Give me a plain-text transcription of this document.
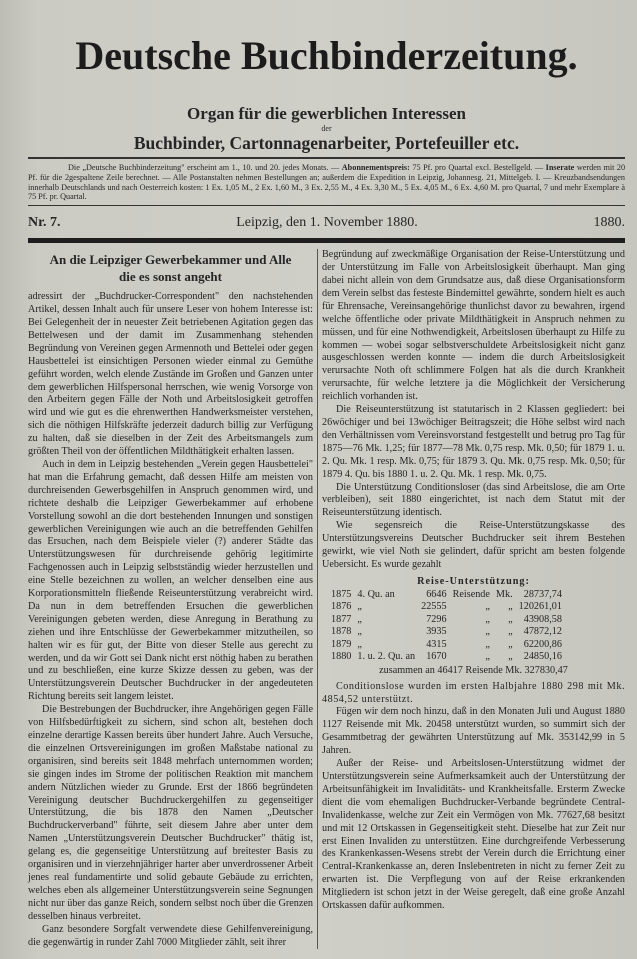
Deutsche Buchbinderzeitung.
Organ für die gewerblichen Interessen
der
Buchbinder, Cartonnagenarbeiter, Portefeuiller etc.
Die „Deutsche Buchbinderzeitung" erscheint am 1., 10. und 20. jedes Monats. — Abonnementspreis: 75 Pf. pro Quartal excl. Bestellgeld. — Inserate werden mit 20 Pf. für die 2gespaltene Zeile berechnet. — Alle Postanstalten nehmen Bestellungen an; außerdem die Expedition in Leipzig, Johannesg. 21, Mittelgeb. I. — Kreuzbandsendungen innerhalb Deutschlands und nach Oesterreich kosten: 1 Ex. 1,05 M., 2 Ex. 1,60 M., 3 Ex. 2,55 M., 4 Ex. 3,30 M., 5 Ex. 4,05 M., 6 Ex. 4,60 M. pro Quartal, 7 und mehr Exemplare à 75 Pf. pr. Quartal.
Nr. 7.	Leipzig, den 1. November 1880.	1880.
An die Leipziger Gewerbekammer und Alle
die es sonst angeht

adressirt der „Buchdrucker-Correspondent" den nachstehenden Artikel, dessen Inhalt auch für unsere Leser von hohem Interesse ist: Bei Gelegenheit der in neuester Zeit betriebenen Agitation gegen das Bettelwesen und der damit im Zusammenhang stehenden Begründung von Vereinen gegen Armennoth und Bettelei oder gegen Hausbettelei ist einsichtigen Personen wieder einmal zu Gemüthe geführt worden, welch elende Zustände im Großen und Ganzen unter dem gewerblichen Hilfspersonal herrschen, wie wenig Vorsorge von den Arbeitern gegen Fälle der Noth und Arbeitslosigkeit getroffen wird und wie gut es die ehrenwerthen Handwerksmeister verstehen, sich die nöthigen Hilfskräfte jederzeit dadurch billig zur Verfügung zu halten, daß sie dieselben in der Zeit des Arbeitsmangels zum größten Theil von der öffentlichen Mildthätigkeit erhalten lassen.

Auch in dem in Leipzig bestehenden „Verein gegen Hausbettelei" hat man die Erfahrung gemacht, daß dessen Hilfe am meisten von durchreisenden Gewerbsgehilfen in Anspruch genommen wird, und richtete deshalb die Leipziger Gewerbekammer auf erhobene Vorstellung sowohl an die dort bestehenden Innungen und sonstigen gewerblichen Vereinigungen wie auch an die betreffenden Gehilfen das Ersuchen, nach dem Beispiele vieler (?) anderer Städte das Unterstützungswesen für durchreisende gehörig legitimirte Fachgenossen auch in Leipzig selbstständig wieder herzustellen und eine Stelle bezeichnen zu wollen, an welcher denselben eine aus Korporationsmitteln fließende Reiseunterstützung verabreicht wird. Da nun in dem betreffenden Ersuchen die gewerblichen Vereinigungen gebeten werden, diese Anregung in Berathung zu ziehen und ihre Entschlüsse der Gewerbekammer mitzutheilen, so halten wir es für gut, der Bitte von dieser Stelle aus gerecht zu werden, und da wir Gott sei Dank nicht erst nöthig haben zu berathen und zu beschließen, eine kurze Skizze dessen zu geben, was der Unterstützungsverein Deutscher Buchdrucker in der angedeuteten Richtung bereits seit langem leistet.

Die Bestrebungen der Buchdrucker, ihre Angehörigen gegen Fälle von Hilfsbedürftigkeit zu sichern, sind schon alt, bestehen doch einzelne derartige Kassen bereits über hundert Jahre. Auch Versuche, die einzelnen Ortsvereinigungen im großen Maßstabe national zu organisiren, sind bereits seit 1848 mehrfach unternommen worden; sie gingen indes im Strome der politischen Reaktion mit manchem andern Nützlichen wieder zu Grunde. Erst der 1866 begründeten Vereinigung deutscher Buchdruckergehilfen zu gegenseitiger Unterstützung, die bis 1878 den Namen „Deutscher Buchdruckerverband" führte, seit diesem Jahre aber unter dem Namen „Unterstützungsverein Deutscher Buchdrucker" thätig ist, gelang es, die gegenseitige Unterstützung auf breitester Basis zu organisiren und in vierzehnjähriger harter aber unverdrossener Arbeit jenes real fundamentirte und solid gebaute Gebäude zu errichten, welches eben als allgemeiner Unterstützungsverein seine Segnungen nicht nur über das ganze Reich, sondern selbst noch über die Grenzen desselben hinaus verbreitet.

Ganz besondere Sorgfalt verwendete diese Gehilfenvereinigung, die gegenwärtig in runder Zahl 7000 Mitglieder zählt, seit ihrer

Begründung auf zweckmäßige Organisation der Reise-Unterstützung und der Unterstützung im Falle von Arbeitslosigkeit überhaupt. Man ging dabei nicht allein von dem Grundsatze aus, daß diese Organisationsform dem Verein selbst das festeste Bindemittel gewährte, sondern hielt es auch für Ehrensache, Vereinsangehörige thunlichst davor zu bewahren, irgend welche öffentliche oder private Mildthätigkeit in Anspruch nehmen zu müssen, und für eine Nothwendigkeit, Arbeitslosen überhaupt zu Hilfe zu kommen — wobei sogar selbstverschuldete Arbeitslosigkeit nicht ganz ausgeschlossen werden konnte — indem die durch Arbeitslosigkeit verursachte Noth oft schlimmere Folgen hat als die durch Krankheit verursachte, für welche letztere ja die Möglichkeit der Versicherung reichlich vorhanden ist.

Die Reiseunterstützung ist statutarisch in 2 Klassen gegliedert: bei 26wöchiger und bei 13wöchiger Beitragszeit; die Höhe selbst wird nach den Verhältnissen vom Vereinsvorstand festgestellt und betrug pro Tag für 1875—76 Mk. 1,25; für 1877—78 Mk. 0,75 resp. Mk. 0,50; für 1879 1. u. 2. Qu. Mk. 1 resp. Mk. 0,75; für 1879 3. Qu. Mk. 0,75 resp. Mk. 0,50; für 1879 4. Qu. bis 1880 1. u. 2. Qu. Mk. 1 resp. Mk. 0,75.

Die Unterstützung Conditionsloser (das sind Arbeitslose, die am Orte verbleiben), seit 1880 eingerichtet, ist nach dem Statut mit der Reiseunterstützung identisch.

Wie segensreich die Reise-Unterstützungskasse des Unterstützungsvereins Deutscher Buchdrucker seit ihrem Bestehen gewirkt, wie viel Noth sie gelindert, dafür spricht am besten folgende Uebersicht. Es wurde gezahlt

Reise-Unterstützung:
1875	4. Qu. an	6646	Reisende	Mk.	28737,74
1876	„	22555	„	„	120261,01
1877	„	7296	„	„	43908,58
1878	„	3935	„	„	47872,12
1879	„	4315	„	„	62200,86
1880	1. u. 2. Qu. an	1670	„	„	24850,16
zusammen an 46417 Reisende Mk. 327830,47

Conditionslose wurden im ersten Halbjahre 1880 298 mit Mk. 4854,52 unterstützt.

Fügen wir dem noch hinzu, daß in den Monaten Juli und August 1880 1127 Reisende mit Mk. 20458 unterstützt wurden, so summirt sich der Gesammtbetrag der gewährten Unterstützung auf Mk. 353142,99 in 5 Jahren.

Außer der Reise- und Arbeitslosen-Unterstützung widmet der Unterstützungsverein seine Aufmerksamkeit auch der Unterstützung der Arbeitsunfähigkeit im Invaliditäts- und Krankheitsfalle. Ersterm Zwecke dient die vom ehemaligen Buchdrucker-Verbande begründete Central-Invalidenkasse, welche zur Zeit ein Vermögen von Mk. 77627,68 besitzt und mit 12 Ortskassen in Gegenseitigkeit steht. Dieselbe hat zur Zeit nur erst Einen Invaliden zu unterstützen. Eine durchgreifende Verbesserung des Krankenkassen-Wesens strebt der Verein durch die Errichtung einer Central-Krankenkasse an, deren Inslebentreten in nicht zu ferner Zeit zu erwarten ist. Die Verpflegung von auf der Reise erkrankenden Mitgliedern ist schon jetzt in der Weise geregelt, daß eine große Anzahl Ortskassen dafür aufkommen.
